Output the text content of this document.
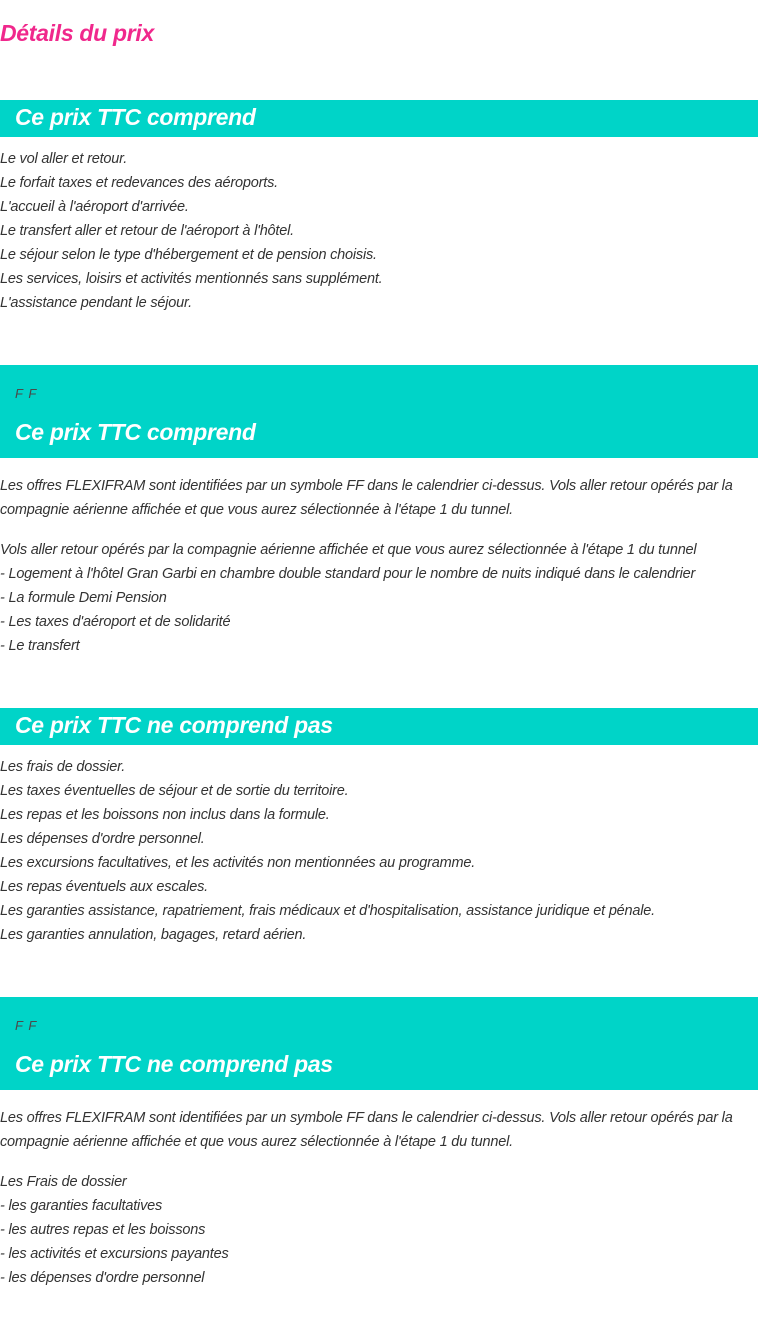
Détails du prix
Ce prix TTC comprend
Le vol aller et retour.
Le forfait taxes et redevances des aéroports.
L'accueil à l'aéroport d'arrivée.
Le transfert aller et retour de l'aéroport à l'hôtel.
Le séjour selon le type d'hébergement et de pension choisis.
Les services, loisirs et activités mentionnés sans supplément.
L'assistance pendant le séjour.
F F
Ce prix TTC comprend

Les offres FLEXIFRAM sont identifiées par un symbole FF dans le calendrier ci-dessus. Vols aller retour opérés par la compagnie aérienne affichée et que vous aurez sélectionnée à l'étape 1 du tunnel.

Vols aller retour opérés par la compagnie aérienne affichée et que vous aurez sélectionnée à l'étape 1 du tunnel
- Logement à l'hôtel Gran Garbi en chambre double standard pour le nombre de nuits indiqué dans le calendrier
- La formule Demi Pension
- Les taxes d'aéroport et de solidarité
- Le transfert
Ce prix TTC ne comprend pas
Les frais de dossier.
Les taxes éventuelles de séjour et de sortie du territoire.
Les repas et les boissons non inclus dans la formule.
Les dépenses d'ordre personnel.
Les excursions facultatives, et les activités non mentionnées au programme.
Les repas éventuels aux escales.
Les garanties assistance, rapatriement, frais médicaux et d'hospitalisation, assistance juridique et pénale.
Les garanties annulation, bagages, retard aérien.
F F
Ce prix TTC ne comprend pas

Les offres FLEXIFRAM sont identifiées par un symbole FF dans le calendrier ci-dessus. Vols aller retour opérés par la compagnie aérienne affichée et que vous aurez sélectionnée à l'étape 1 du tunnel.

Les Frais de dossier
- les garanties facultatives
- les autres repas et les boissons
- les activités et excursions payantes
- les dépenses d'ordre personnel
